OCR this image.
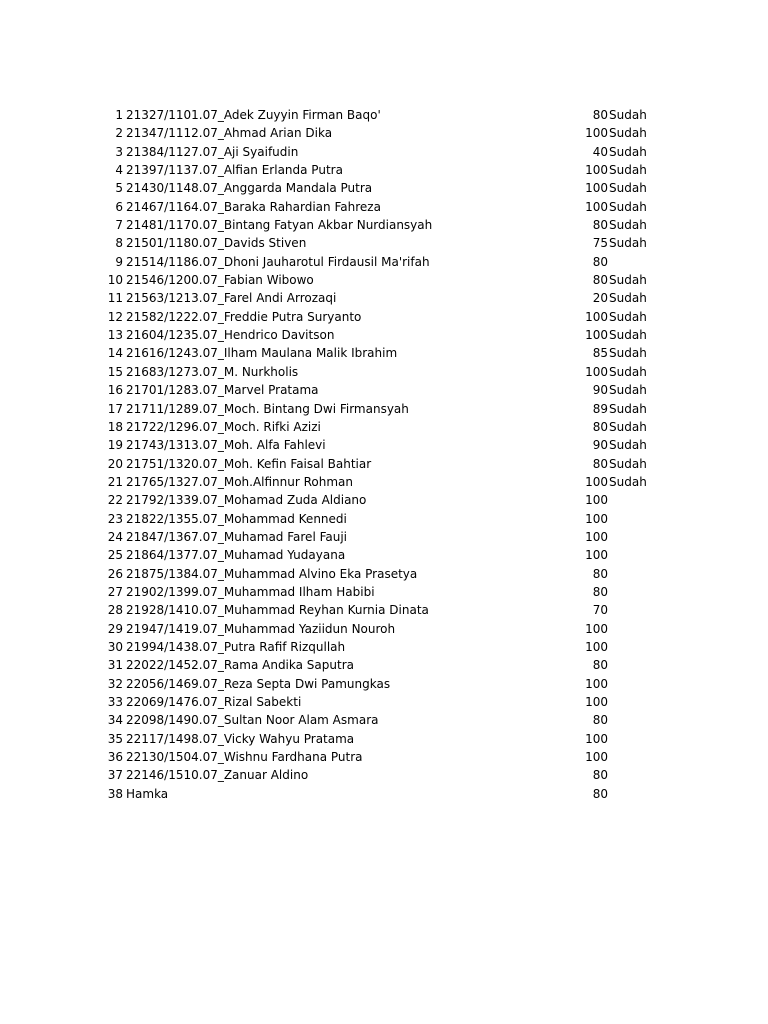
1 21327/1101.07_Adek Zuyyin Firman Baqo'	80 Sudah
2 21347/1112.07_Ahmad Arian Dika	100 Sudah
3 21384/1127.07_Aji Syaifudin	40 Sudah
4 21397/1137.07_Alfian Erlanda Putra	100 Sudah
5 21430/1148.07_Anggarda Mandala Putra	100 Sudah
6 21467/1164.07_Baraka Rahardian Fahreza	100 Sudah
7 21481/1170.07_Bintang Fatyan Akbar Nurdiansyah	80 Sudah
8 21501/1180.07_Davids Stiven	75 Sudah
9 21514/1186.07_Dhoni Jauharotul Firdausil Ma'rifah	80
10 21546/1200.07_Fabian Wibowo	80 Sudah
11 21563/1213.07_Farel Andi Arrozaqi	20 Sudah
12 21582/1222.07_Freddie Putra Suryanto	100 Sudah
13 21604/1235.07_Hendrico Davitson	100 Sudah
14 21616/1243.07_Ilham Maulana Malik Ibrahim	85 Sudah
15 21683/1273.07_M. Nurkholis	100 Sudah
16 21701/1283.07_Marvel Pratama	90 Sudah
17 21711/1289.07_Moch. Bintang Dwi Firmansyah	89 Sudah
18 21722/1296.07_Moch. Rifki Azizi	80 Sudah
19 21743/1313.07_Moh. Alfa Fahlevi	90 Sudah
20 21751/1320.07_Moh. Kefin Faisal Bahtiar	80 Sudah
21 21765/1327.07_Moh.Alfinnur Rohman	100 Sudah
22 21792/1339.07_Mohamad Zuda Aldiano	100
23 21822/1355.07_Mohammad Kennedi	100
24 21847/1367.07_Muhamad Farel Fauji	100
25 21864/1377.07_Muhamad Yudayana	100
26 21875/1384.07_Muhammad Alvino Eka Prasetya	80
27 21902/1399.07_Muhammad Ilham Habibi	80
28 21928/1410.07_Muhammad Reyhan Kurnia Dinata	70
29 21947/1419.07_Muhammad Yaziidun Nouroh	100
30 21994/1438.07_Putra Rafif Rizqullah	100
31 22022/1452.07_Rama Andika Saputra	80
32 22056/1469.07_Reza Septa Dwi Pamungkas	100
33 22069/1476.07_Rizal Sabekti	100
34 22098/1490.07_Sultan Noor Alam Asmara	80
35 22117/1498.07_Vicky Wahyu Pratama	100
36 22130/1504.07_Wishnu Fardhana Putra	100
37 22146/1510.07_Zanuar Aldino	80
38 Hamka	80
